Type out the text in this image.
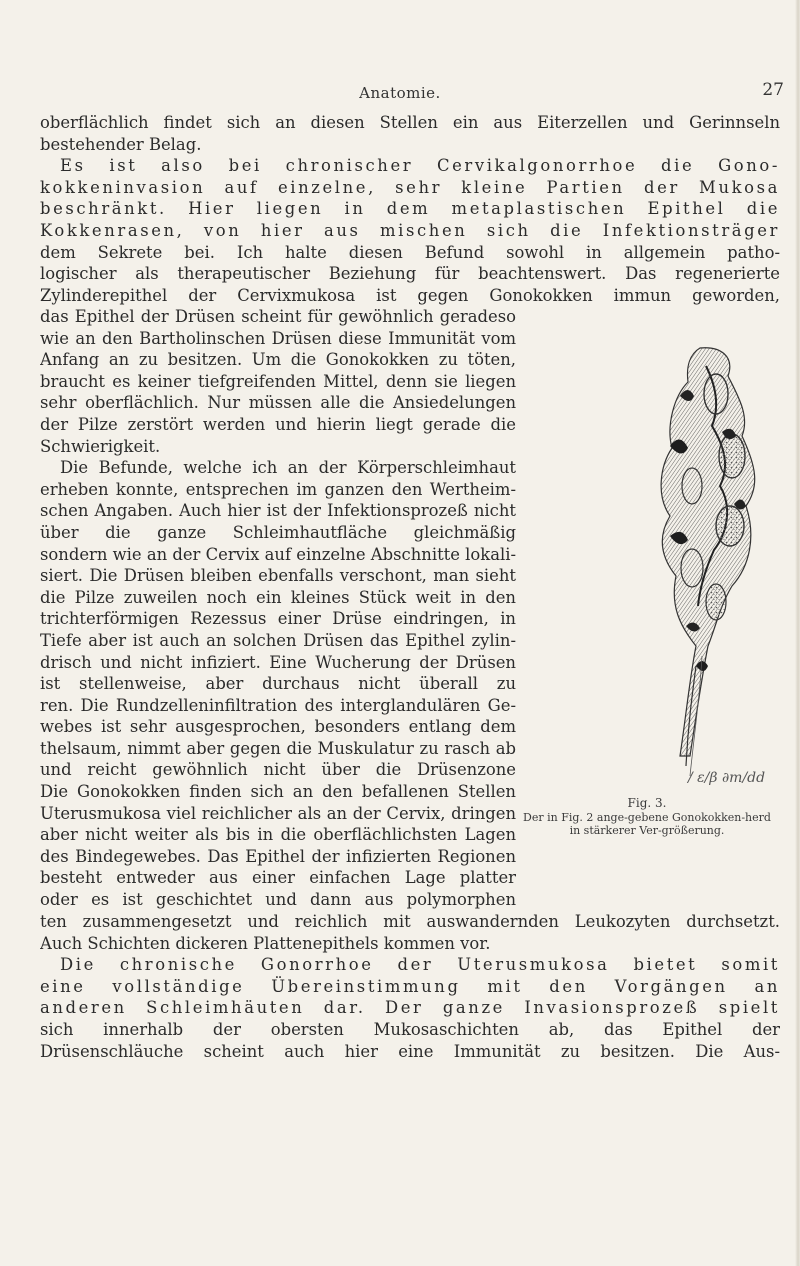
Anatomie.	27
oberflächlich findet sich an diesen Stellen ein aus Eiterzellen und Gerinnseln
bestehender Belag.
Es ist also bei chronischer Cervikalgonorrhoe die Gono-
kokkeninvasion auf einzelne, sehr kleine Partien der Mukosa
beschränkt. Hier liegen in dem metaplastischen Epithel die
Kokkenrasen, von hier aus mischen sich die Infektionsträger
dem Sekrete bei. Ich halte diesen Befund sowohl in allgemein patho-
logischer als therapeutischer Beziehung für beachtenswert. Das regenerierte
Zylinderepithel der Cervixmukosa ist gegen Gonokokken immun geworden,
das Epithel der Drüsen scheint für gewöhnlich geradeso
wie an den Bartholinschen Drüsen diese Immunität vom
Anfang an zu besitzen. Um die Gonokokken zu töten,
braucht es keiner tiefgreifenden Mittel, denn sie liegen
sehr oberflächlich. Nur müssen alle die Ansiedelungen
der Pilze zerstört werden und hierin liegt gerade die
Schwierigkeit.
Die Befunde, welche ich an der Körperschleimhaut
erheben konnte, entsprechen im ganzen den Wertheim-
schen Angaben. Auch hier ist der Infektionsprozeß nicht
über die ganze Schleimhautfläche gleichmäßig
sondern wie an der Cervix auf einzelne Abschnitte lokali-
siert. Die Drüsen bleiben ebenfalls verschont, man sieht
die Pilze zuweilen noch ein kleines Stück weit in den
trichterförmigen Rezessus einer Drüse eindringen, in
Tiefe aber ist auch an solchen Drüsen das Epithel zylin-
drisch und nicht infiziert. Eine Wucherung der Drüsen
ist stellenweise, aber durchaus nicht überall zu
ren. Die Rundzelleninfiltration des interglandulären Ge-
webes ist sehr ausgesprochen, besonders entlang dem
thelsaum, nimmt aber gegen die Muskulatur zu rasch ab
und reicht gewöhnlich nicht über die Drüsenzone
Die Gonokokken finden sich an den befallenen Stellen
Uterusmukosa viel reichlicher als an der Cervix, dringen
aber nicht weiter als bis in die oberflächlichsten Lagen
des Bindegewebes. Das Epithel der infizierten Regionen
besteht entweder aus einer einfachen Lage platter
oder es ist geschichtet und dann aus polymorphen
/ ε/β ∂m/dd
Fig. 3.
Der in Fig. 2 ange-gebene Gonokokken-herd in stärkerer Ver-größerung.
ten zusammengesetzt und reichlich mit auswandernden Leukozyten durchsetzt.
Auch Schichten dickeren Plattenepithels kommen vor.
Die chronische Gonorrhoe der Uterusmukosa bietet somit
eine vollständige Übereinstimmung mit den Vorgängen an
anderen Schleimhäuten dar. Der ganze Invasionsprozeß spielt
sich innerhalb der obersten Mukosaschichten ab, das Epithel der
Drüsenschläuche scheint auch hier eine Immunität zu besitzen. Die Aus-
